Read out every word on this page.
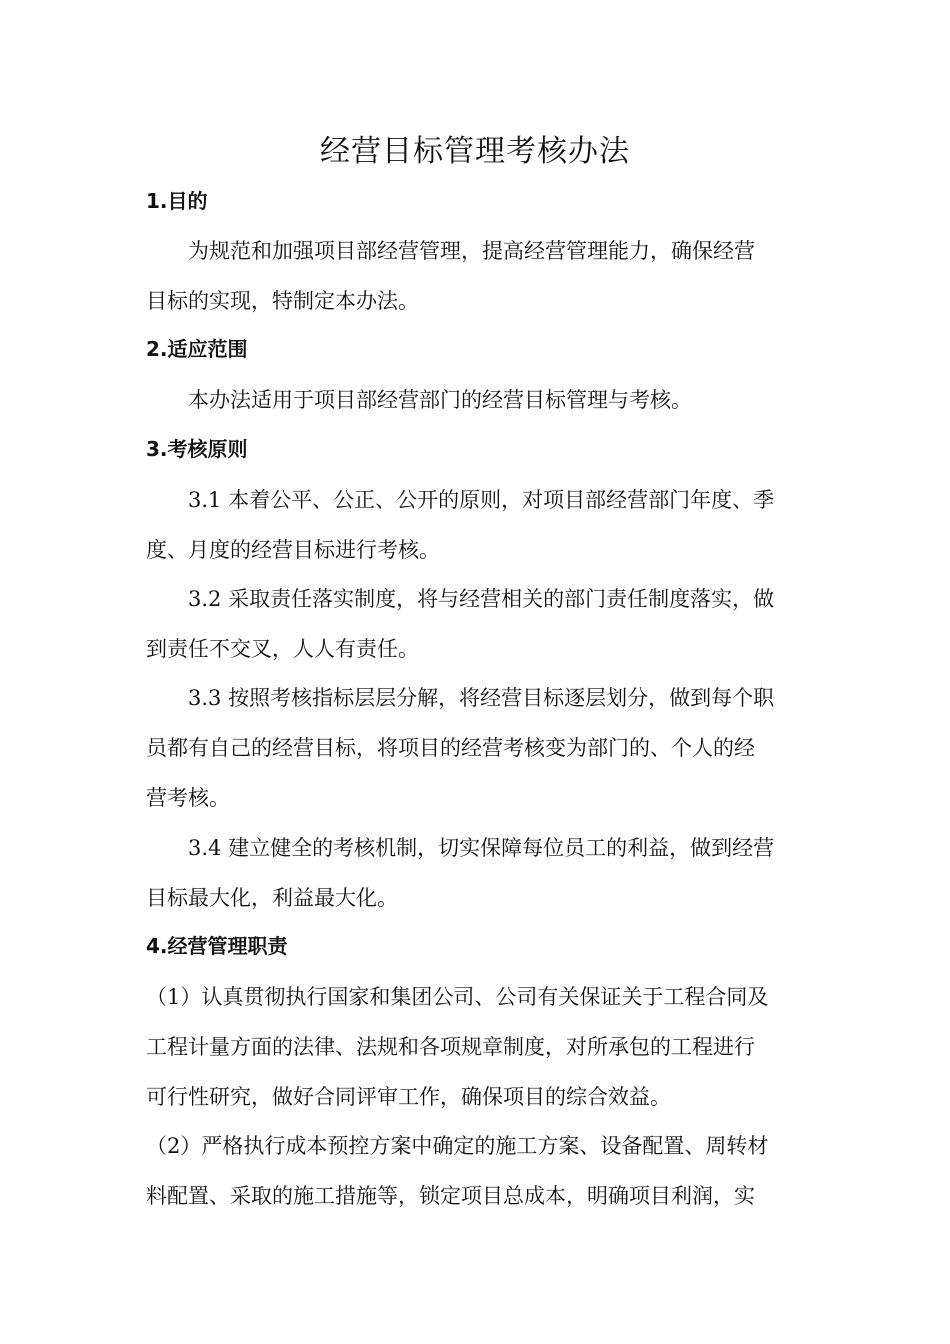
经营目标管理考核办法
1.目的
为规范和加强项目部经营管理，提高经营管理能力，确保经营
目标的实现，特制定本办法。
2.适应范围
本办法适用于项目部经营部门的经营目标管理与考核。
3.考核原则
3.1 本着公平、公正、公开的原则，对项目部经营部门年度、季
度、月度的经营目标进行考核。
3.2 采取责任落实制度，将与经营相关的部门责任制度落实，做
到责任不交叉，人人有责任。
3.3 按照考核指标层层分解，将经营目标逐层划分，做到每个职
员都有自己的经营目标，将项目的经营考核变为部门的、个人的经
营考核。
3.4 建立健全的考核机制，切实保障每位员工的利益，做到经营
目标最大化，利益最大化。
4.经营管理职责
（1）认真贯彻执行国家和集团公司、公司有关保证关于工程合同及
工程计量方面的法律、法规和各项规章制度，对所承包的工程进行
可行性研究，做好合同评审工作，确保项目的综合效益。
（2）严格执行成本预控方案中确定的施工方案、设备配置、周转材
料配置、采取的施工措施等，锁定项目总成本，明确项目利润，实
